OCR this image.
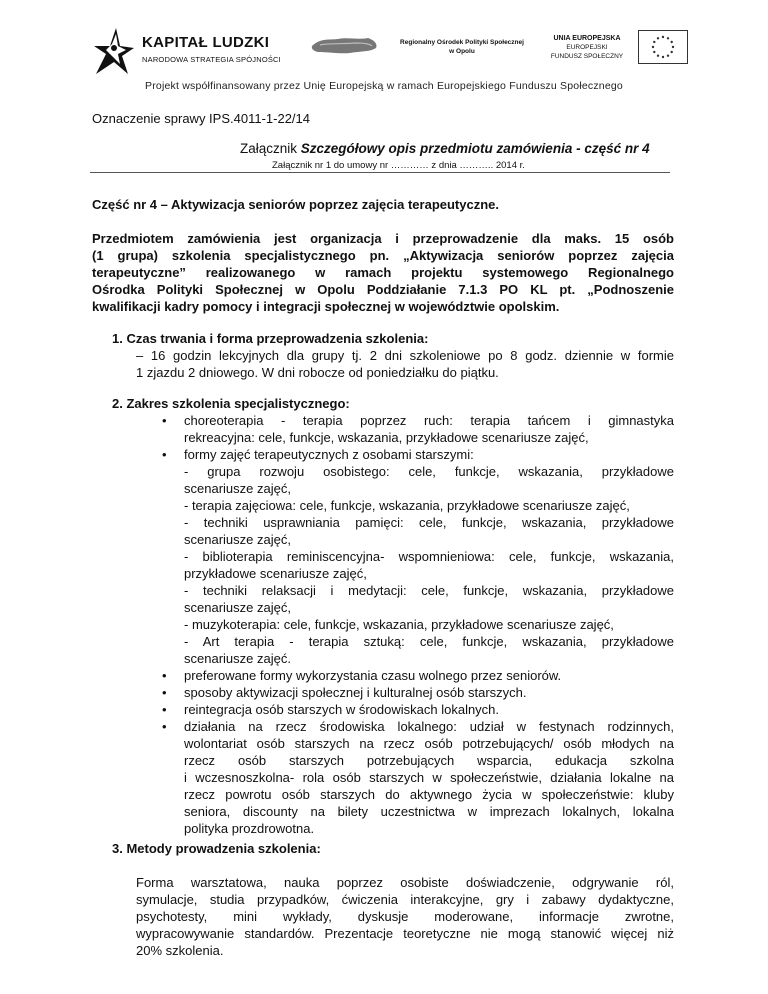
KAPITAŁ LUDZKI
NARODOWA STRATEGIA SPÓJNOŚCI
Regionalny Ośrodek Polityki Społecznej
w Opolu
UNIA EUROPEJSKA
EUROPEJSKI
FUNDUSZ SPOŁECZNY
Projekt współfinansowany przez Unię Europejską w ramach Europejskiego Funduszu Społecznego
Oznaczenie sprawy IPS.4011-1-22/14
Załącznik Szczegółowy opis przedmiotu zamówienia - część nr 4
Załącznik nr 1 do umowy nr ………… z dnia ……….. 2014 r.
Część nr 4 – Aktywizacja seniorów poprzez zajęcia terapeutyczne.
Przedmiotem zamówienia jest organizacja i przeprowadzenie dla maks. 15 osób
(1 grupa) szkolenia specjalistycznego pn. „Aktywizacja seniorów poprzez zajęcia
terapeutyczne” realizowanego w ramach projektu systemowego Regionalnego
Ośrodka Polityki Społecznej w Opolu Poddziałanie 7.1.3 PO KL pt. „Podnoszenie
kwalifikacji kadry pomocy i integracji społecznej w województwie opolskim.
1. Czas trwania i forma przeprowadzenia szkolenia:
– 16 godzin lekcyjnych dla grupy tj. 2 dni szkoleniowe po 8 godz. dziennie w formie
1 zjazdu 2 dniowego. W dni robocze od poniedziałku do piątku.
2. Zakres szkolenia specjalistycznego:
• choreoterapia - terapia poprzez ruch: terapia tańcem i gimnastyka
rekreacyjna: cele, funkcje, wskazania, przykładowe scenariusze zajęć,
• formy zajęć terapeutycznych z osobami starszymi:
- grupa rozwoju osobistego: cele, funkcje, wskazania, przykładowe
scenariusze zajęć,
- terapia zajęciowa: cele, funkcje, wskazania, przykładowe scenariusze zajęć,
- techniki usprawniania pamięci: cele, funkcje, wskazania, przykładowe
scenariusze zajęć,
- biblioterapia reminiscencyjna- wspomnieniowa: cele, funkcje, wskazania,
przykładowe scenariusze zajęć,
- techniki relaksacji i medytacji: cele, funkcje, wskazania, przykładowe
scenariusze zajęć,
- muzykoterapia: cele, funkcje, wskazania, przykładowe scenariusze zajęć,
- Art terapia - terapia sztuką: cele, funkcje, wskazania, przykładowe
scenariusze zajęć.
• preferowane formy wykorzystania czasu wolnego przez seniorów.
• sposoby aktywizacji społecznej i kulturalnej osób starszych.
• reintegracja osób starszych w środowiskach lokalnych.
• działania na rzecz środowiska lokalnego: udział w festynach rodzinnych,
wolontariat osób starszych na rzecz osób potrzebujących/ osób młodych na
rzecz osób starszych potrzebujących wsparcia, edukacja szkolna
i wczesnoszkolna- rola osób starszych w społeczeństwie, działania lokalne na
rzecz powrotu osób starszych do aktywnego życia w społeczeństwie: kluby
seniora, discounty na bilety uczestnictwa w imprezach lokalnych, lokalna
polityka prozdrowotna.
3. Metody prowadzenia szkolenia:
Forma warsztatowa, nauka poprzez osobiste doświadczenie, odgrywanie ról,
symulacje, studia przypadków, ćwiczenia interakcyjne, gry i zabawy dydaktyczne,
psychotesty, mini wykłady, dyskusje moderowane, informacje zwrotne,
wypracowywanie standardów. Prezentacje teoretyczne nie mogą stanowić więcej niż
20% szkolenia.
